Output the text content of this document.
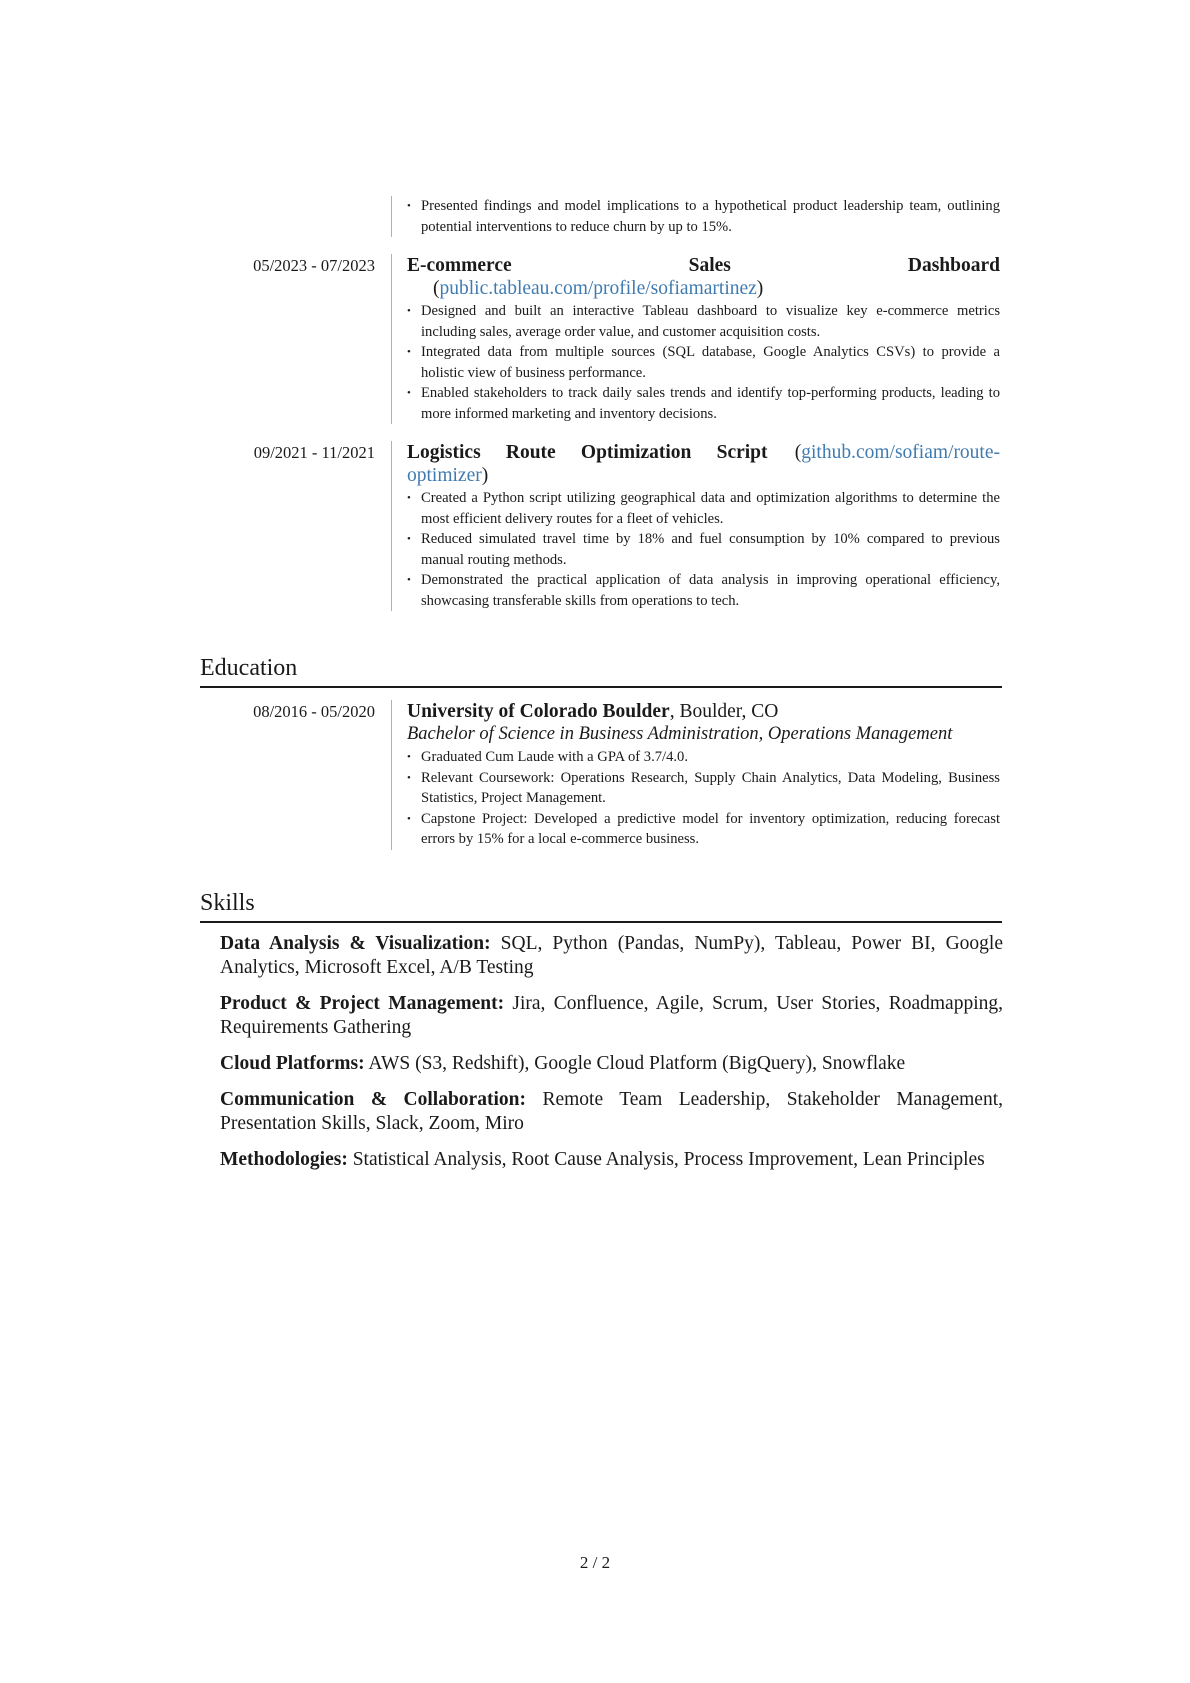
• Presented findings and model implications to a hypothetical product leadership team, outlining potential interventions to reduce churn by up to 15%.
05/2023 - 07/2023 E-commerce Sales Dashboard (public.tableau.com/profile/sofiamartinez)
• Designed and built an interactive Tableau dashboard to visualize key e-commerce metrics including sales, average order value, and customer acquisition costs.
• Integrated data from multiple sources (SQL database, Google Analytics CSVs) to provide a holistic view of business performance.
• Enabled stakeholders to track daily sales trends and identify top-performing products, leading to more informed marketing and inventory decisions.
09/2021 - 11/2021 Logistics Route Optimization Script (github.com/sofiam/route-optimizer)
• Created a Python script utilizing geographical data and optimization algorithms to determine the most efficient delivery routes for a fleet of vehicles.
• Reduced simulated travel time by 18% and fuel consumption by 10% compared to previous manual routing methods.
• Demonstrated the practical application of data analysis in improving operational efficiency, showcasing transferable skills from operations to tech.
Education
08/2016 - 05/2020 University of Colorado Boulder, Boulder, CO
Bachelor of Science in Business Administration, Operations Management
• Graduated Cum Laude with a GPA of 3.7/4.0.
• Relevant Coursework: Operations Research, Supply Chain Analytics, Data Modeling, Business Statistics, Project Management.
• Capstone Project: Developed a predictive model for inventory optimization, reducing forecast errors by 15% for a local e-commerce business.
Skills
Data Analysis & Visualization: SQL, Python (Pandas, NumPy), Tableau, Power BI, Google Analytics, Microsoft Excel, A/B Testing
Product & Project Management: Jira, Confluence, Agile, Scrum, User Stories, Roadmapping, Requirements Gathering
Cloud Platforms: AWS (S3, Redshift), Google Cloud Platform (BigQuery), Snowflake
Communication & Collaboration: Remote Team Leadership, Stakeholder Management, Presentation Skills, Slack, Zoom, Miro
Methodologies: Statistical Analysis, Root Cause Analysis, Process Improvement, Lean Principles
2 / 2
